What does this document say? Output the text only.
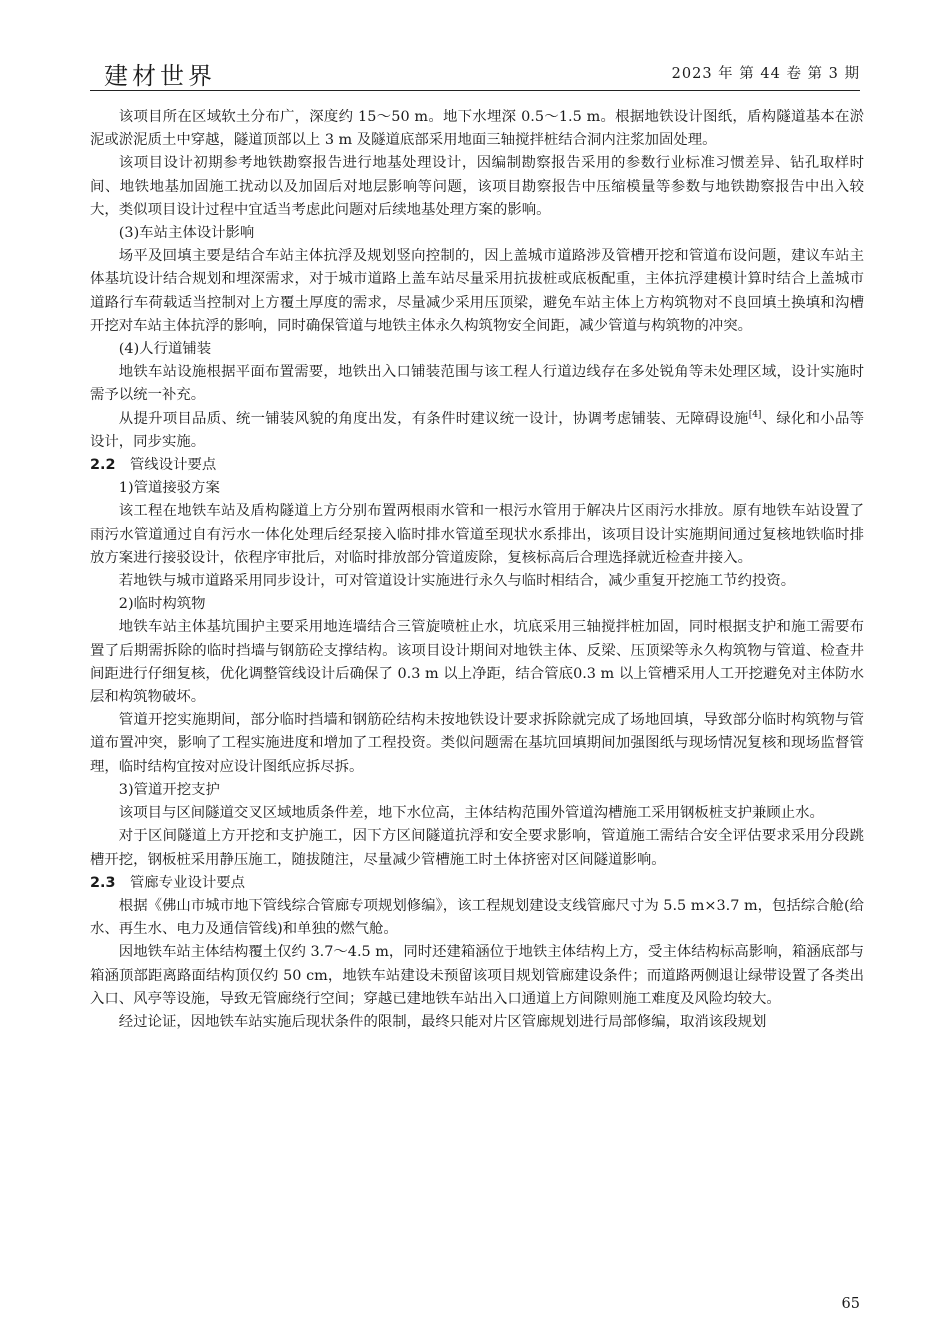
建材世界	2023 年 第 44 卷 第 3 期

该项目所在区域软土分布广，深度约 15～50 m。地下水埋深 0.5～1.5 m。根据地铁设计图纸，盾构隧道基本在淤泥或淤泥质土中穿越，隧道顶部以上 3 m 及隧道底部采用地面三轴搅拌桩结合洞内注浆加固处理。

该项目设计初期参考地铁勘察报告进行地基处理设计，因编制勘察报告采用的参数行业标准习惯差异、钻孔取样时间、地铁地基加固施工扰动以及加固后对地层影响等问题，该项目勘察报告中压缩模量等参数与地铁勘察报告中出入较大，类似项目设计过程中宜适当考虑此问题对后续地基处理方案的影响。

(3)车站主体设计影响

场平及回填主要是结合车站主体抗浮及规划竖向控制的，因上盖城市道路涉及管槽开挖和管道布设问题，建议车站主体基坑设计结合规划和埋深需求，对于城市道路上盖车站尽量采用抗拔桩或底板配重，主体抗浮建模计算时结合上盖城市道路行车荷载适当控制对上方覆土厚度的需求，尽量减少采用压顶梁，避免车站主体上方构筑物对不良回填土换填和沟槽开挖对车站主体抗浮的影响，同时确保管道与地铁主体永久构筑物安全间距，减少管道与构筑物的冲突。

(4)人行道铺装

地铁车站设施根据平面布置需要，地铁出入口铺装范围与该工程人行道边线存在多处锐角等未处理区域，设计实施时需予以统一补充。

从提升项目品质、统一铺装风貌的角度出发，有条件时建议统一设计，协调考虑铺装、无障碍设施[4]、绿化和小品等设计，同步实施。

2.2 管线设计要点

1)管道接驳方案

该工程在地铁车站及盾构隧道上方分别布置两根雨水管和一根污水管用于解决片区雨污水排放。原有地铁车站设置了雨污水管道通过自有污水一体化处理后经泵接入临时排水管道至现状水系排出，该项目设计实施期间通过复核地铁临时排放方案进行接驳设计，依程序审批后，对临时排放部分管道废除，复核标高后合理选择就近检查井接入。

若地铁与城市道路采用同步设计，可对管道设计实施进行永久与临时相结合，减少重复开挖施工节约投资。

2)临时构筑物

地铁车站主体基坑围护主要采用地连墙结合三管旋喷桩止水，坑底采用三轴搅拌桩加固，同时根据支护和施工需要布置了后期需拆除的临时挡墙与钢筋砼支撑结构。该项目设计期间对地铁主体、反梁、压顶梁等永久构筑物与管道、检查井间距进行仔细复核，优化调整管线设计后确保了 0.3 m 以上净距，结合管底0.3 m 以上管槽采用人工开挖避免对主体防水层和构筑物破坏。

管道开挖实施期间，部分临时挡墙和钢筋砼结构未按地铁设计要求拆除就完成了场地回填，导致部分临时构筑物与管道布置冲突，影响了工程实施进度和增加了工程投资。类似问题需在基坑回填期间加强图纸与现场情况复核和现场监督管理，临时结构宜按对应设计图纸应拆尽拆。

3)管道开挖支护

该项目与区间隧道交叉区域地质条件差，地下水位高，主体结构范围外管道沟槽施工采用钢板桩支护兼顾止水。

对于区间隧道上方开挖和支护施工，因下方区间隧道抗浮和安全要求影响，管道施工需结合安全评估要求采用分段跳槽开挖，钢板桩采用静压施工，随拔随注，尽量减少管槽施工时土体挤密对区间隧道影响。

2.3 管廊专业设计要点

根据《佛山市城市地下管线综合管廊专项规划修编》，该工程规划建设支线管廊尺寸为 5.5 m×3.7 m，包括综合舱(给水、再生水、电力及通信管线)和单独的燃气舱。

因地铁车站主体结构覆土仅约 3.7～4.5 m，同时还建箱涵位于地铁主体结构上方，受主体结构标高影响，箱涵底部与箱涵顶部距离路面结构顶仅约 50 cm，地铁车站建设未预留该项目规划管廊建设条件；而道路两侧退让绿带设置了各类出入口、风亭等设施，导致无管廊绕行空间；穿越已建地铁车站出入口通道上方间隙则施工难度及风险均较大。

经过论证，因地铁车站实施后现状条件的限制，最终只能对片区管廊规划进行局部修编，取消该段规划

65
